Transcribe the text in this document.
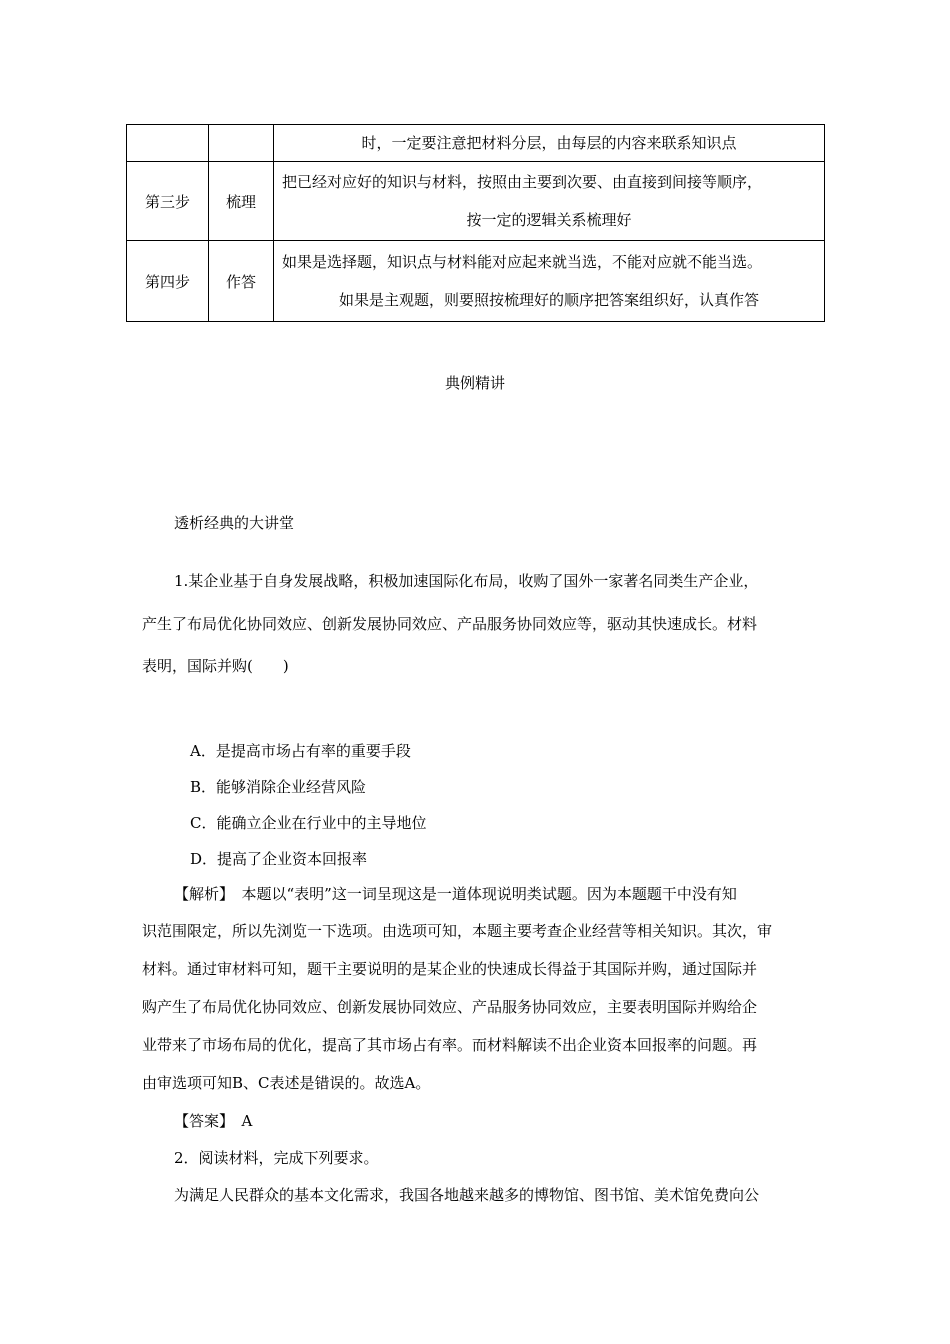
		时，一定要注意把材料分层，由每层的内容来联系知识点

第三步	梳理	把已经对应好的知识与材料，按照由主要到次要、由直接到间接等顺序，
按一定的逻辑关系梳理好

第四步	作答	如果是选择题，知识点与材料能对应起来就当选，不能对应就不能当选。
如果是主观题，则要照按梳理好的顺序把答案组织好，认真作答
典例精讲
透析经典的大讲堂
1.某企业基于自身发展战略，积极加速国际化布局，收购了国外一家著名同类生产企业，
产生了布局优化协同效应、创新发展协同效应、产品服务协同效应等，驱动其快速成长。材料
表明，国际并购(　　)
A．是提高市场占有率的重要手段
B．能够消除企业经营风险
C．能确立企业在行业中的主导地位
D．提高了企业资本回报率
【解析】　本题以“表明”这一词呈现这是一道体现说明类试题。因为本题题干中没有知
识范围限定，所以先浏览一下选项。由选项可知，本题主要考查企业经营等相关知识。其次，审
材料。通过审材料可知，题干主要说明的是某企业的快速成长得益于其国际并购，通过国际并
购产生了布局优化协同效应、创新发展协同效应、产品服务协同效应，主要表明国际并购给企
业带来了市场布局的优化，提高了其市场占有率。而材料解读不出企业资本回报率的问题。再
由审选项可知B、C表述是错误的。故选A。
【答案】　A
2．阅读材料，完成下列要求。
为满足人民群众的基本文化需求，我国各地越来越多的博物馆、图书馆、美术馆免费向公
